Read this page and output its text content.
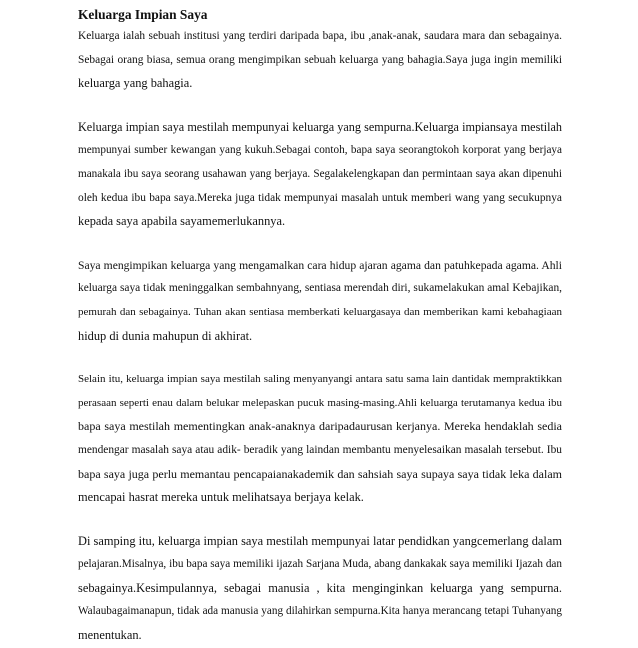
Keluarga Impian Saya
Keluarga ialah sebuah institusi yang terdiri daripada bapa, ibu ,anak-anak, saudara mara dan sebagainya.
Sebagai orang biasa, semua orang mengimpikan sebuah keluarga yang bahagia.Saya juga ingin memiliki
keluarga yang bahagia.
Keluarga impian saya mestilah mempunyai keluarga yang sempurna.Keluarga impiansaya mestilah
mempunyai sumber kewangan yang kukuh.Sebagai contoh, bapa saya seorangtokoh korporat yang berjaya
manakala ibu saya seorang usahawan yang berjaya. Segalakelengkapan dan permintaan saya akan dipenuhi
oleh kedua ibu bapa saya.Mereka juga tidak mempunyai masalah untuk memberi wang yang secukupnya
kepada saya apabila sayamemerlukannya.
Saya mengimpikan keluarga yang mengamalkan cara hidup ajaran agama dan patuhkepada agama. Ahli
keluarga saya tidak meninggalkan sembahnyang, sentiasa merendah diri, sukamelakukan amal Kebajikan,
pemurah dan sebagainya. Tuhan akan sentiasa memberkati keluargasaya dan memberikan kami kebahagiaan
hidup di dunia mahupun di akhirat.
Selain itu, keluarga impian saya mestilah saling menyanyangi antara satu sama lain dantidak mempraktikkan
perasaan seperti enau dalam belukar melepaskan pucuk masing-masing.Ahli keluarga terutamanya kedua ibu
bapa saya mestilah mementingkan anak-anaknya daripadaurusan kerjanya. Mereka hendaklah sedia
mendengar masalah saya atau adik- beradik yang laindan membantu menyelesaikan masalah tersebut. Ibu
bapa saya juga perlu memantau pencapaianakademik dan sahsiah saya supaya saya tidak leka dalam
mencapai hasrat mereka untuk melihatsaya berjaya kelak.
Di samping itu, keluarga impian saya mestilah mempunyai latar pendidkan yangcemerlang dalam
pelajaran.Misalnya, ibu bapa saya memiliki ijazah Sarjana Muda, abang dankakak saya memiliki Ijazah dan
sebagainya.Kesimpulannya, sebagai manusia , kita menginginkan keluarga yang sempurna.
Walaubagaimanapun, tidak ada manusia yang dilahirkan sempurna.Kita hanya merancang tetapi Tuhanyang
menentukan.
